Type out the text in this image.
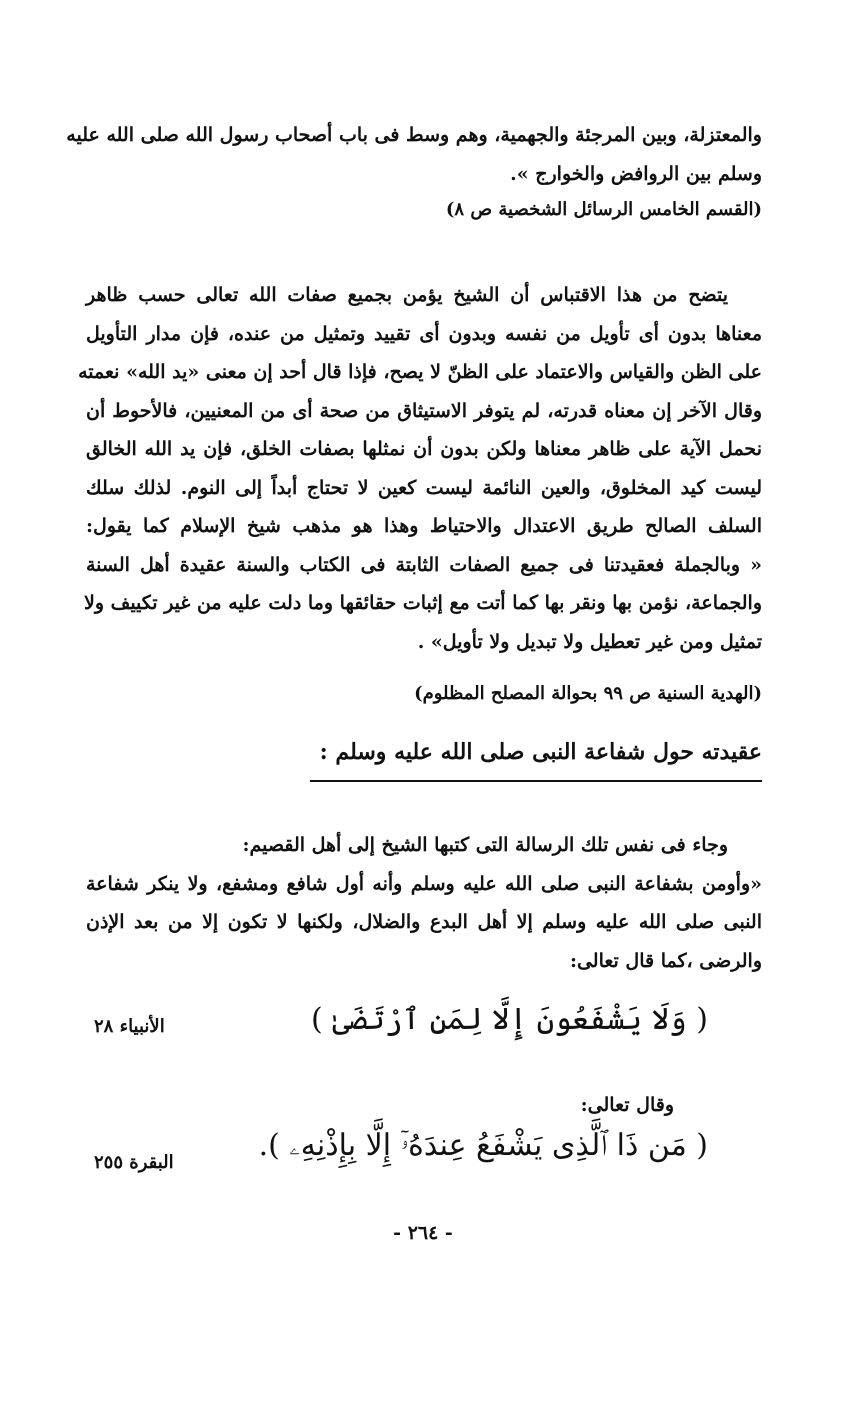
والمعتزلة، وبين المرجئة والجهمية، وهم وسط فى باب أصحاب رسول الله صلى الله عليه
وسلم بين الروافض والخوارج ».
(القسم الخامس الرسائل الشخصية ص ٨)
يتضح من هذا الاقتباس أن الشيخ يؤمن بجميع صفات الله تعالى حسب ظاهر
معناها بدون أى تأويل من نفسه وبدون أى تقييد وتمثيل من عنده، فإن مدار التأويل
على الظن والقياس والاعتماد على الظنّ لا يصح، فإذا قال أحد إن معنى «يد الله» نعمته
وقال الآخر إن معناه قدرته، لم يتوفر الاستيثاق من صحة أى من المعنيين، فالأحوط أن
نحمل الآية على ظاهر معناها ولكن بدون أن نمثلها بصفات الخلق، فإن يد الله الخالق
ليست كيد المخلوق، والعين النائمة ليست كعين لا تحتاج أبداً إلى النوم. لذلك سلك
السلف الصالح طريق الاعتدال والاحتياط وهذا هو مذهب شيخ الإسلام كما يقول:
« وبالجملة فعقيدتنا فى جميع الصفات الثابتة فى الكتاب والسنة عقيدة أهل السنة
والجماعة، نؤمن بها ونقر بها كما أتت مع إثبات حقائقها وما دلت عليه من غير تكييف ولا
تمثيل ومن غير تعطيل ولا تبديل ولا تأويل» .
(الهدية السنية ص ٩٩ بحوالة المصلح المظلوم)
عقيدته حول شفاعة النبى صلى الله عليه وسلم :
وجاء فى نفس تلك الرسالة التى كتبها الشيخ إلى أهل القصيم:
«وأومن بشفاعة النبى صلى الله عليه وسلم وأنه أول شافع ومشفع، ولا ينكر شفاعة
النبى صلى الله عليه وسلم إلا أهل البدع والضلال، ولكنها لا تكون إلا من بعد الإذن
والرضى ،كما قال تعالى:
( وَلَا يَشْفَعُونَ إِلَّا لِمَنِ ٱرْتَضَىٰ )
الأنبياء ٢٨
وقال تعالى:
( مَن ذَا ٱلَّذِى يَشْفَعُ عِندَهُۥٓ إِلَّا بِإِذْنِهِۦ ).
البقرة ٢٥٥
- ٢٦٤ -
